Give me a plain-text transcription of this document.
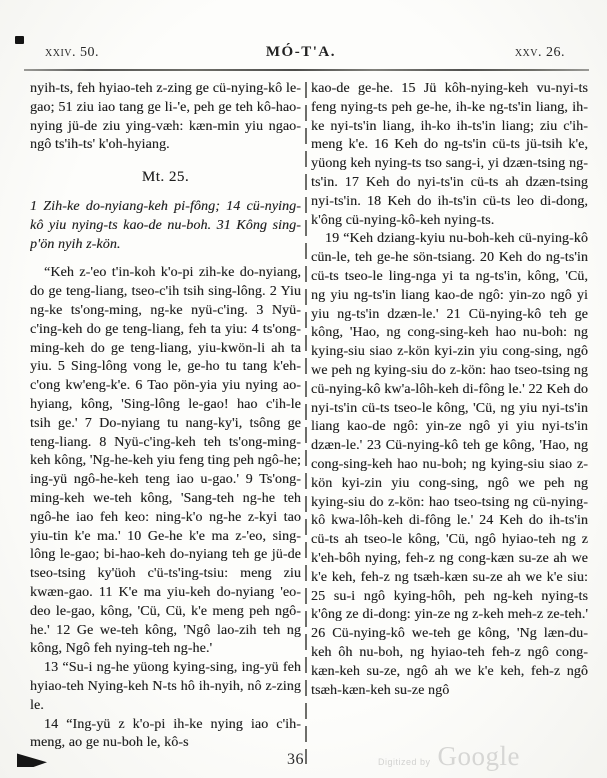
xxiv. 50.	MÓ-T'A.	xxv. 26.

nyih-ts, feh hyiao-teh z-zing ge cü-nying-kô le-gao; 51 ziu iao tang ge li-'e, peh ge teh kô-hao-nying jü-de ziu ying-væh: kæn-min yiu ngao-ngô ts'ih-ts' k'oh-hyiang.

Mt. 25.

1 Zih-ke do-nyiang-keh pi-fông; 14 cü-nying-kô yiu nying-ts kao-de nu-boh. 31 Kông sing-p'ön nyih z-kön.

“Keh z-'eo t'in-koh k'o-pi zih-ke do-nyiang, do ge teng-liang, tseo-c'ih tsih sing-lông. 2 Yiu ng-ke ts'ong-ming, ng-ke nyü-c'ing. 3 Nyü-c'ing-keh do ge teng-liang, feh ta yiu: 4 ts'ong-ming-keh do ge teng-liang, yiu-kwön-li ah ta yiu. 5 Sing-lông vong le, ge-ho tu tang k'eh-c'ong kw'eng-k'e. 6 Tao pön-yia yiu nying ao-hyiang, kông, 'Sing-lông le-gao! hao c'ih-le tsih ge.' 7 Do-nyiang tu nang-ky'i, tsông ge teng-liang. 8 Nyü-c'ing-keh teh ts'ong-ming-keh kông, 'Ng-he-keh yiu feng ting peh ngô-he; ing-yü ngô-he-keh teng iao u-gao.' 9 Ts'ong-ming-keh we-teh kông, 'Sang-teh ng-he teh ngô-he iao feh keo: ning-k'o ng-he z-kyi tao yiu-tin k'e ma.' 10 Ge-he k'e ma z-'eo, sing-lông le-gao; bi-hao-keh do-nyiang teh ge jü-de tseo-tsing ky'üoh c'ü-ts'ing-tsiu: meng ziu kwæn-gao. 11 K'e ma yiu-keh do-nyiang 'eo-deo le-gao, kông, 'Cü, Cü, k'e meng peh ngô-he.' 12 Ge we-teh kông, 'Ngô lao-zih teh ng kông, Ngô feh nying-teh ng-he.'

13 “Su-i ng-he yüong kying-sing, ing-yü feh hyiao-teh Nying-keh N-ts hô ih-nyih, nô z-zing le.

14 “Ing-yü z k'o-pi ih-ke nying iao c'ih-meng, ao ge nu-boh le, kô-s

kao-de ge-he. 15 Jü kôh-nying-keh vu-nyi-ts feng nying-ts peh ge-he, ih-ke ng-ts'in liang, ih-ke nyi-ts'in liang, ih-ko ih-ts'in liang; ziu c'ih-meng k'e. 16 Keh do ng-ts'in cü-ts jü-tsih k'e, yüong keh nying-ts tso sang-i, yi dzæn-tsing ng-ts'in. 17 Keh do nyi-ts'in cü-ts ah dzæn-tsing nyi-ts'in. 18 Keh do ih-ts'in cü-ts leo di-dong, k'ông cü-nying-kô-keh nying-ts.

19 “Keh dziang-kyiu nu-boh-keh cü-nying-kô cün-le, teh ge-he sön-tsiang. 20 Keh do ng-ts'in cü-ts tseo-le ling-nga yi ta ng-ts'in, kông, 'Cü, ng yiu ng-ts'in liang kao-de ngô: yin-zo ngô yi yiu ng-ts'in dzæn-le.' 21 Cü-nying-kô teh ge kông, 'Hao, ng cong-sing-keh hao nu-boh: ng kying-siu siao z-kön kyi-zin yiu cong-sing, ngô we peh ng kying-siu do z-kön: hao tseo-tsing ng cü-nying-kô kw'a-lôh-keh di-fông le.' 22 Keh do nyi-ts'in cü-ts tseo-le kông, 'Cü, ng yiu nyi-ts'in liang kao-de ngô: yin-ze ngô yi yiu nyi-ts'in dzæn-le.' 23 Cü-nying-kô teh ge kông, 'Hao, ng cong-sing-keh hao nu-boh; ng kying-siu siao z-kön kyi-zin yiu cong-sing, ngô we peh ng kying-siu do z-kön: hao tseo-tsing ng cü-nying-kô kwa-lôh-keh di-fông le.' 24 Keh do ih-ts'in cü-ts ah tseo-le kông, 'Cü, ngô hyiao-teh ng z k'eh-bôh nying, feh-z ng cong-kæn su-ze ah we k'e keh, feh-z ng tsæh-kæn su-ze ah we k'e siu: 25 su-i ngô kying-hôh, peh ng-keh nying-ts k'ông ze di-dong: yin-ze ng z-keh meh-z ze-teh.' 26 Cü-nying-kô we-teh ge kông, 'Ng læn-du-keh ôh nu-boh, ng hyiao-teh feh-z ngô cong-kæn-keh su-ze, ngô ah we k'e keh, feh-z ngô tsæh-kæn-keh su-ze ngô

36	Digitized by Google
